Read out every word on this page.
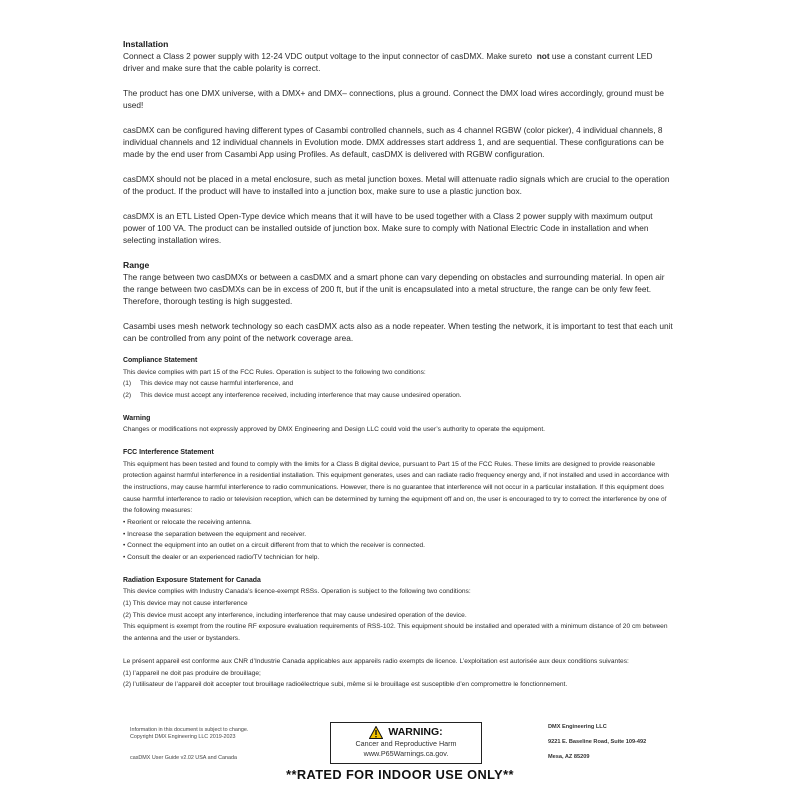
Installation

Connect a Class 2 power supply with 12-24 VDC output voltage to the input connector of casDMX. Make sureto not use a constant current LED driver and make sure that the cable polarity is correct.

The product has one DMX universe, with a DMX+ and DMX– connections, plus a ground. Connect the DMX load wires accordingly, ground must be used!

casDMX can be configured having different types of Casambi controlled channels, such as 4 channel RGBW (color picker), 4 individual channels, 8 individual channels and 12 individual channels in Evolution mode. DMX addresses start address 1, and are sequential. These configurations can be made by the end user from Casambi App using Profiles. As default, casDMX is delivered with RGBW configuration.

casDMX should not be placed in a metal enclosure, such as metal junction boxes. Metal will attenuate radio signals which are crucial to the operation of the product. If the product will have to installed into a junction box, make sure to use a plastic junction box.

casDMX is an ETL Listed Open-Type device which means that it will have to be used together with a Class 2 power supply with maximum output power of 100 VA. The product can be installed outside of junction box. Make sure to comply with National Electric Code in installation and when selecting installation wires.

Range

The range between two casDMXs or between a casDMX and a smart phone can vary depending on obstacles and surrounding material. In open air the range between two casDMXs can be in excess of 200 ft, but if the unit is encapsulated into a metal structure, the range can be only few feet. Therefore, thorough testing is high suggested.

Casambi uses mesh network technology so each casDMX acts also as a node repeater. When testing the network, it is important to test that each unit can be controlled from any point of the network coverage area.

Compliance Statement

This device complies with part 15 of the FCC Rules. Operation is subject to the following two conditions:

(1) This device may not cause harmful interference, and

(2) This device must accept any interference received, including interference that may cause undesired operation.

Warning

Changes or modifications not expressly approved by DMX Engineering and Design LLC could void the user’s authority to operate the equipment.

FCC Interference Statement

This equipment has been tested and found to comply with the limits for a Class B digital device, pursuant to Part 15 of the FCC Rules. These limits are designed to provide reasonable protection against harmful interference in a residential installation. This equipment generates, uses and can radiate radio frequency energy and, if not installed and used in accordance with the instructions, may cause harmful interference to radio communications. However, there is no guarantee that interference will not occur in a particular installation. If this equipment does cause harmful interference to radio or television reception, which can be determined by turning the equipment off and on, the user is encouraged to try to correct the interference by one of the following measures:

• Reorient or relocate the receiving antenna.

• Increase the separation between the equipment and receiver.

• Connect the equipment into an outlet on a circuit different from that to which the receiver is connected.

• Consult the dealer or an experienced radio/TV technician for help.

Radiation Exposure Statement for Canada

This device complies with Industry Canada’s licence-exempt RSSs. Operation is subject to the following two conditions:

(1) This device may not cause interference

(2) This device must accept any interference, including interference that may cause undesired operation of the device.

This equipment is exempt from the routine RF exposure evaluation requirements of RSS-102. This equipment should be installed and operated with a minimum distance of 20 cm between the antenna and the user or bystanders.

Le présent appareil est conforme aux CNR d’Industrie Canada applicables aux appareils radio exempts de licence. L’exploitation est autorisée aux deux conditions suivantes:

(1) l’appareil ne doit pas produire de brouillage;

(2) l’utilisateur de l’appareil doit accepter tout brouillage radioélectrique subi, même si le brouillage est susceptible d’en compromettre le fonctionnement.

Information in this document is subject to change.

Copyright DMX Engineering LLC 2019-2023

casDMX User Guide v2.02 USA and Canada

WARNING:
Cancer and Reproductive Harm
www.P65Warnings.ca.gov.

DMX Engineering LLC

9221 E. Baseline Road, Suite 109-492

Mesa, AZ 85209

**RATED FOR INDOOR USE ONLY**
